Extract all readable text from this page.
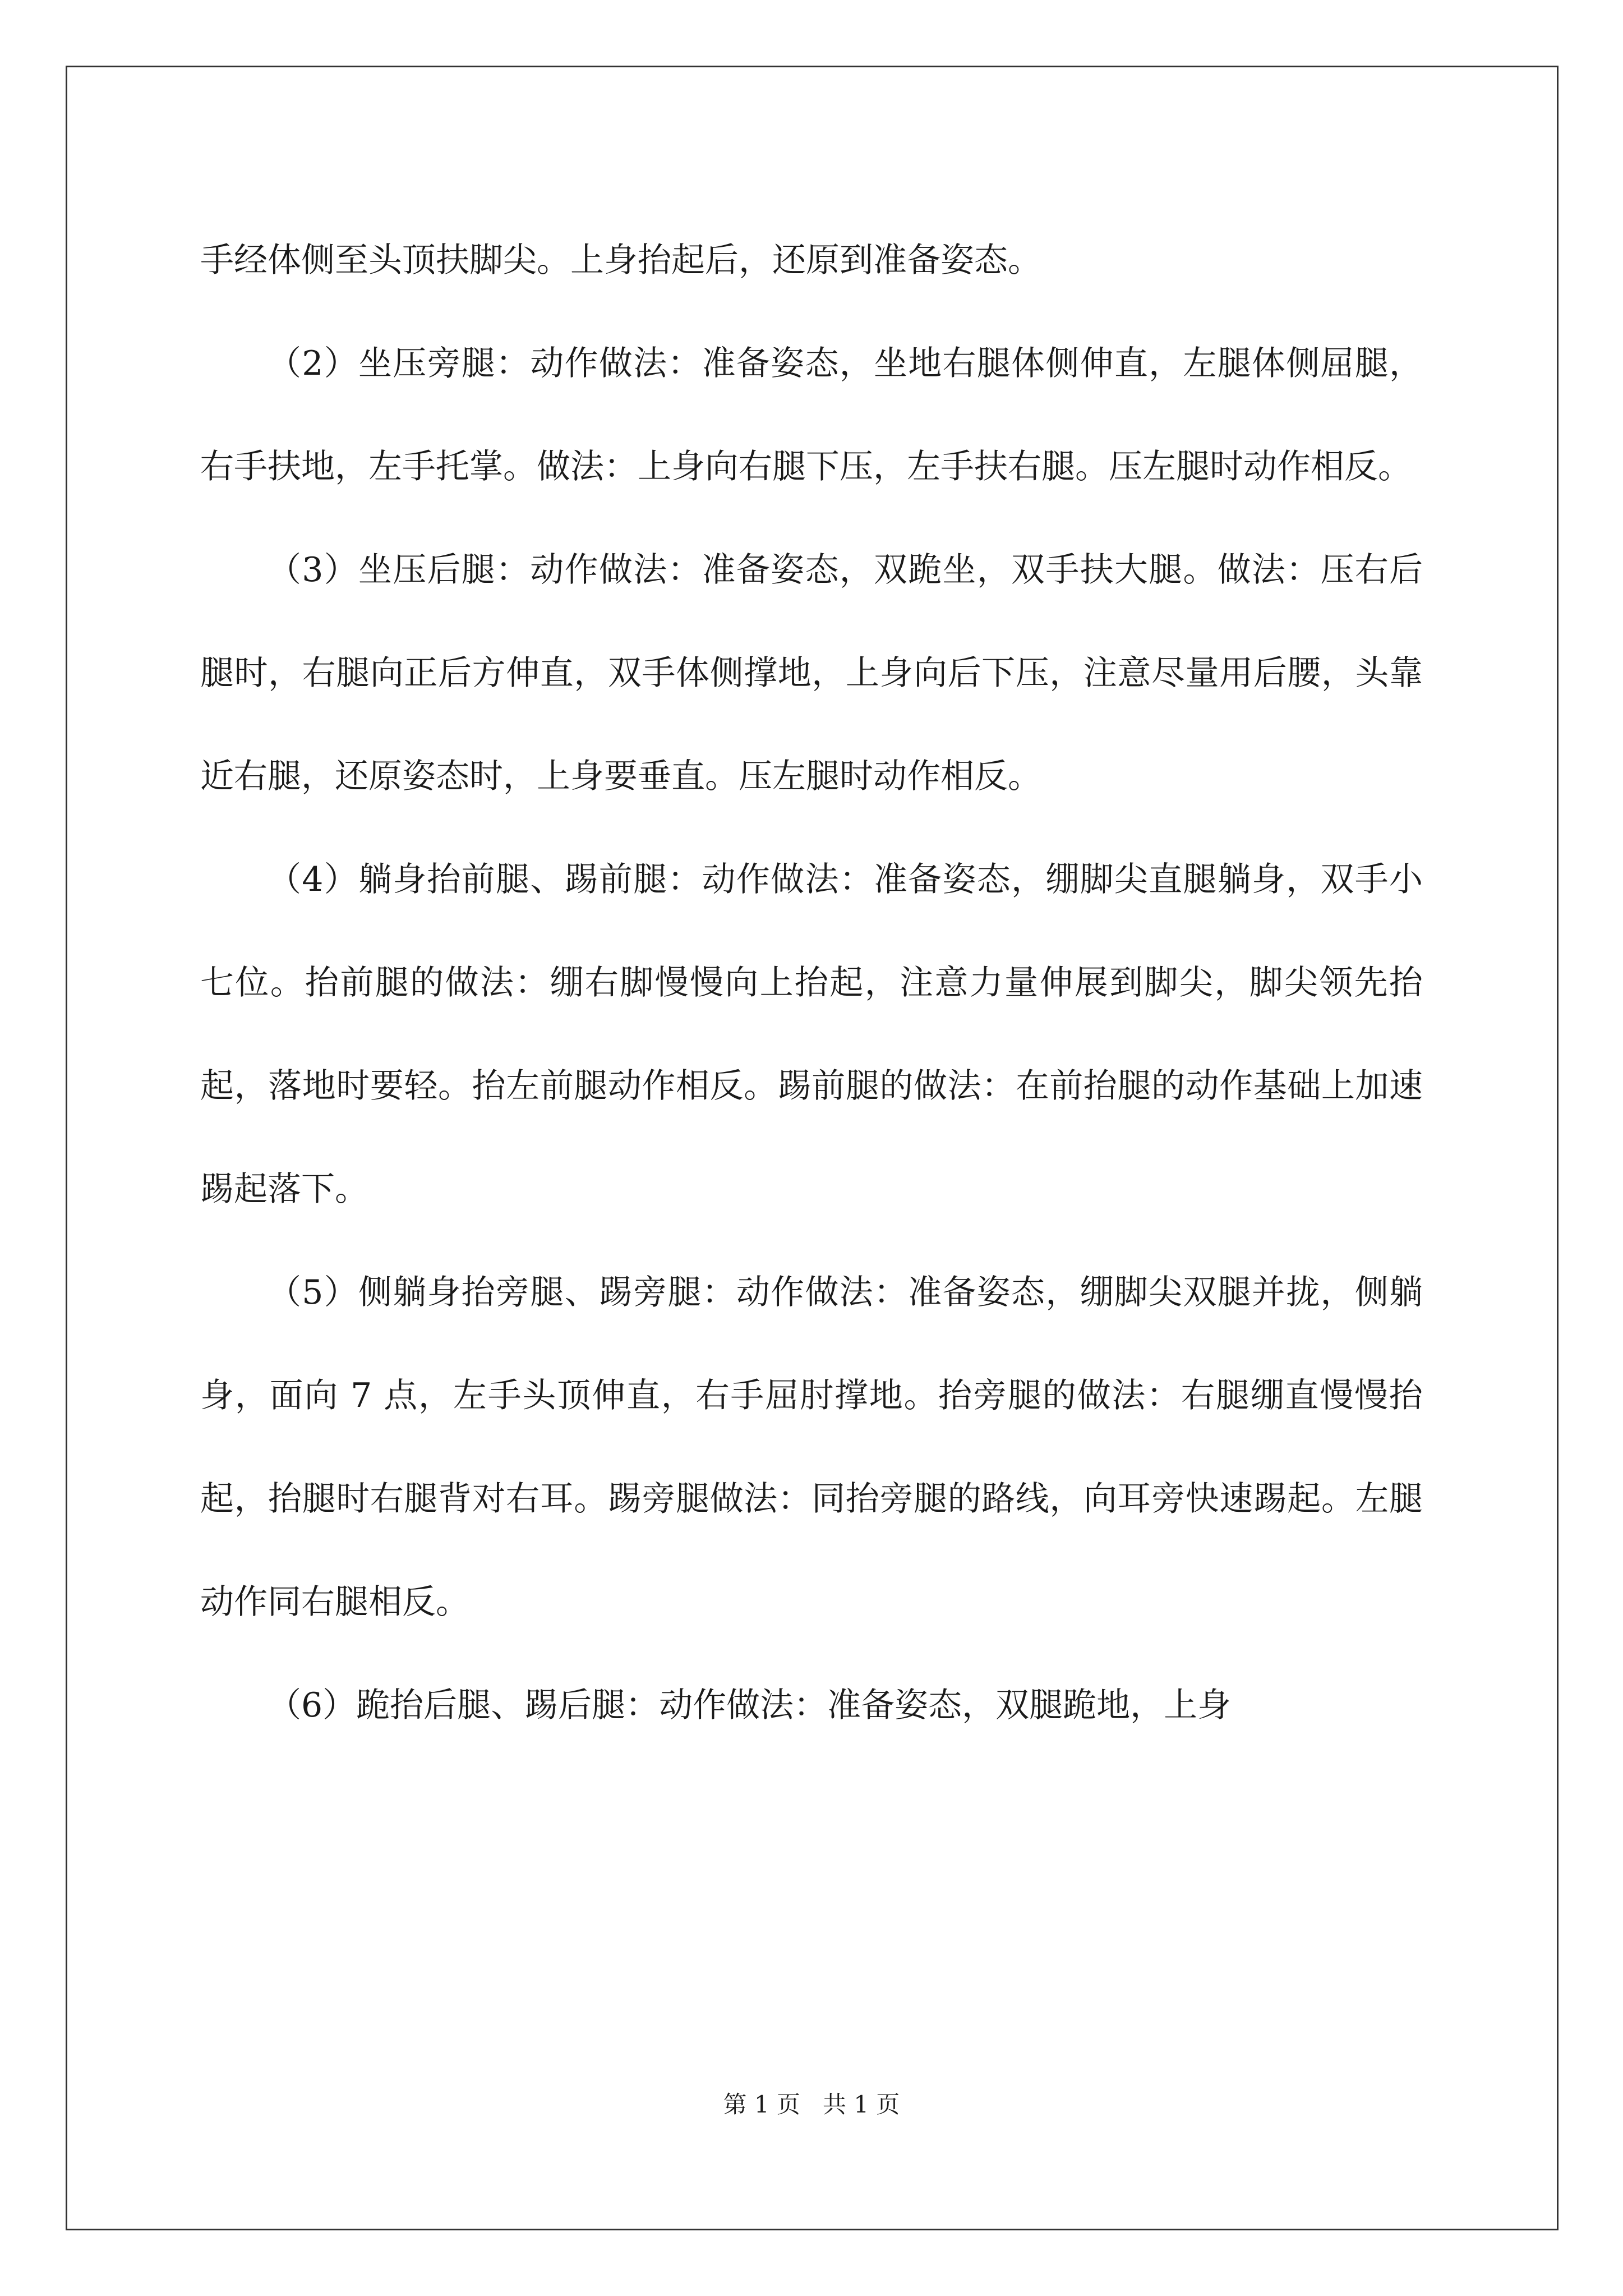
手经体侧至头顶扶脚尖。上身抬起后，还原到准备姿态。

（2）坐压旁腿：动作做法：准备姿态，坐地右腿体侧伸直，左腿体侧屈腿，右手扶地，左手托掌。做法：上身向右腿下压，左手扶右腿。压左腿时动作相反。

（3）坐压后腿：动作做法：准备姿态，双跪坐，双手扶大腿。做法：压右后腿时，右腿向正后方伸直，双手体侧撑地，上身向后下压，注意尽量用后腰，头靠近右腿，还原姿态时，上身要垂直。压左腿时动作相反。

（4）躺身抬前腿、踢前腿：动作做法：准备姿态，绷脚尖直腿躺身，双手小七位。抬前腿的做法：绷右脚慢慢向上抬起，注意力量伸展到脚尖，脚尖领先抬起，落地时要轻。抬左前腿动作相反。踢前腿的做法：在前抬腿的动作基础上加速踢起落下。

（5）侧躺身抬旁腿、踢旁腿：动作做法：准备姿态，绷脚尖双腿并拢，侧躺身，面向 7 点，左手头顶伸直，右手屈肘撑地。抬旁腿的做法：右腿绷直慢慢抬起，抬腿时右腿背对右耳。踢旁腿做法：同抬旁腿的路线，向耳旁快速踢起。左腿动作同右腿相反。

（6）跪抬后腿、踢后腿：动作做法：准备姿态，双腿跪地，上身

第 1 页 共 1 页
